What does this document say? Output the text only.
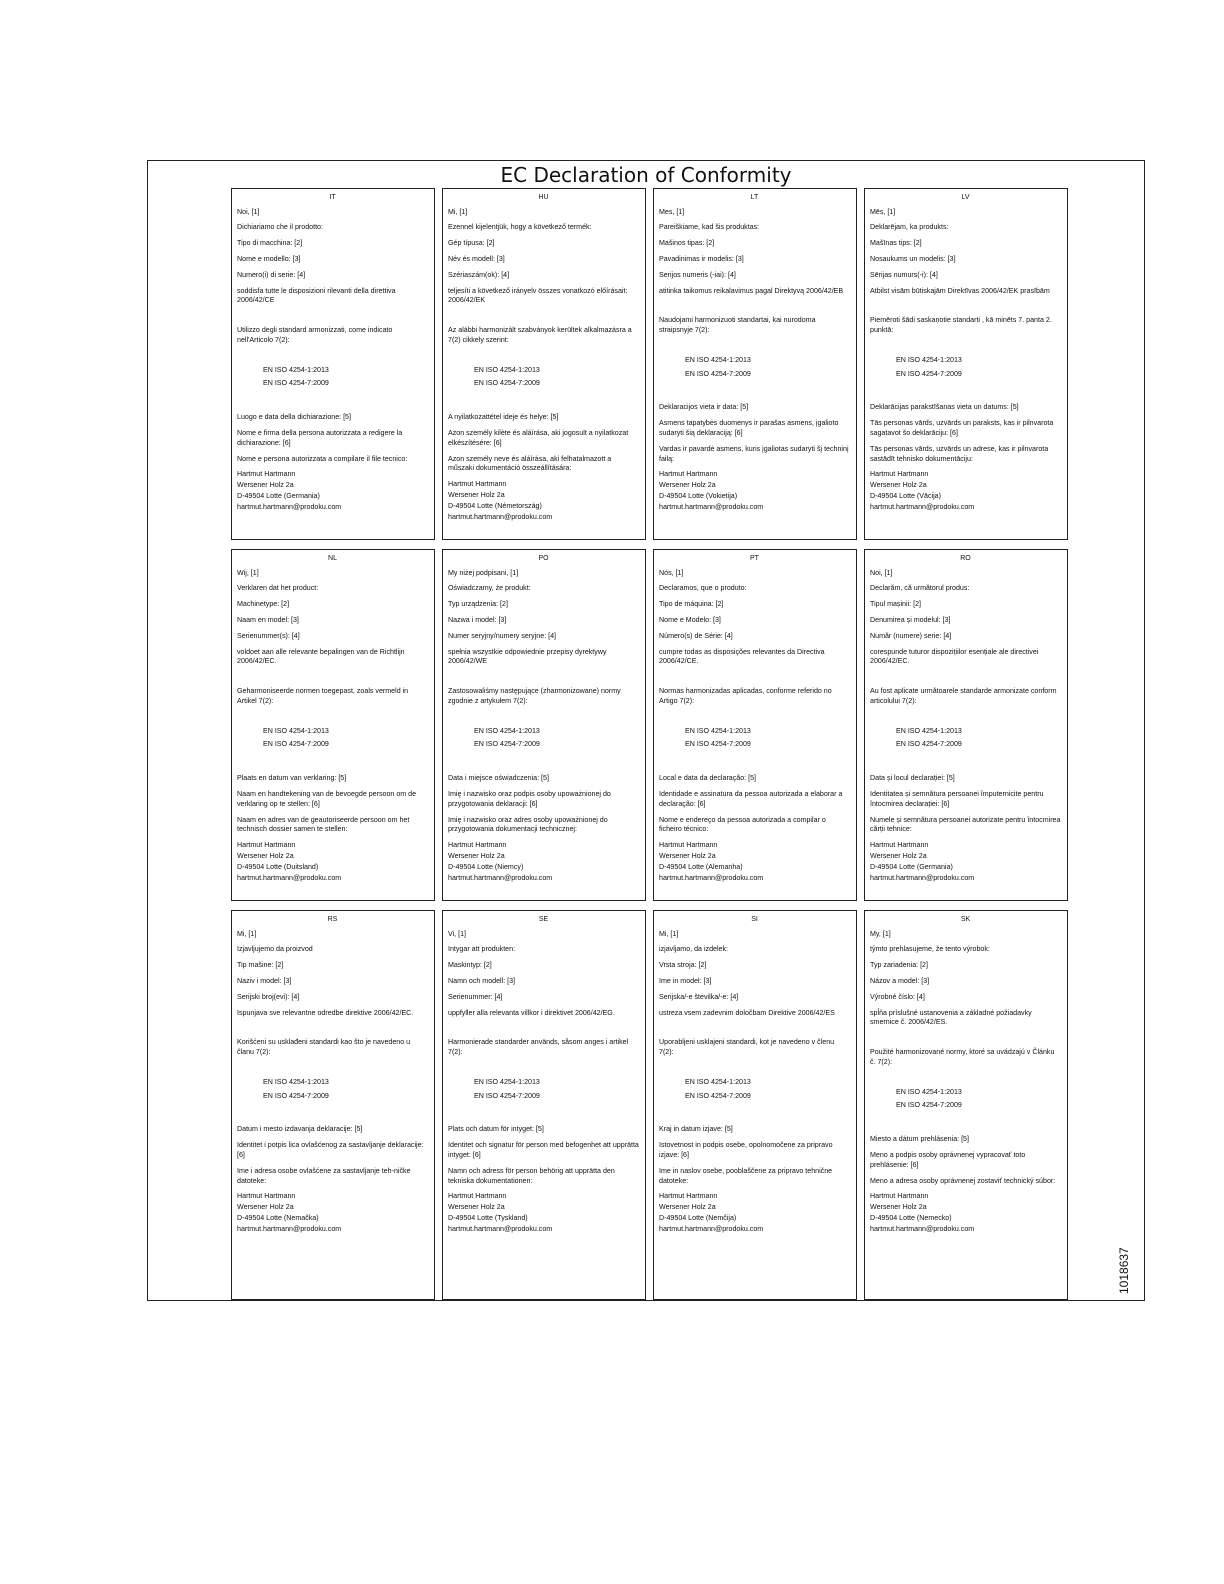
EC Declaration of Conformity
IT
Noi, [1]
Dichiariamo che il prodotto:
Tipo di macchina: [2]
Nome e modello: [3]
Numero(i) di serie: [4]
soddisfa tutte le disposizioni rilevanti della direttiva 2006/42/CE
Utilizzo degli standard armonizzati, come indicato nell'Articolo 7(2):
EN ISO 4254-1:2013
EN ISO 4254-7:2009
Luogo e data della dichiarazione: [5]
Nome e firma della persona autorizzata a redigere la dichiarazione: [6]
Nome e persona autorizzata a compilare il file tecnico:
Hartmut Hartmann
Wersener Holz 2a
D-49504 Lotte (Germania)
hartmut.hartmann@prodoku.com
HU
Mi, [1]
Ezennel kijelentjük, hogy a következő termék:
Gép típusa: [2]
Név és modell: [3]
Szériaszám(ok): [4]
teljesíti a következő irányelv összes vonatkozó előírásait: 2006/42/EK
Az alábbi harmonizált szabványok kerültek alkalmazásra a 7(2) cikkely szerint:
EN ISO 4254-1:2013
EN ISO 4254-7:2009
A nyilatkozattétel ideje és helye: [5]
Azon személy kilète és aláírása, aki jogosult a nyilatkozat elkészítésére: [6]
Azon személy neve és aláírása, aki felhatalmazott a műszaki dokumentáció összeállítására:
Hartmut Hartmann
Wersener Holz 2a
D-49504 Lotte (Németország)
hartmut.hartmann@prodoku.com
LT
Mes, [1]
Pareiškiame, kad šis produktas:
Mašinos tipas: [2]
Pavadinimas ir modelis: [3]
Serijos numeris (-iai): [4]
atitinka taikomus reikalavimus pagal Direktyvą 2006/42/EB
Naudojami harmonizuoti standartai, kai nurodoma straipsnyje 7(2):
EN ISO 4254-1:2013
EN ISO 4254-7:2009
Deklaracijos vieta ir data: [5]
Asmens tapatybės duomenys ir parašas asmens, įgalioto sudaryti šią deklaraciją: [6]
Vardas ir pavardė asmens, kuris įgaliotas sudaryti šį techninį failą:
Hartmut Hartmann
Wersener Holz 2a
D-49504 Lotte (Vokietija)
hartmut.hartmann@prodoku.com
LV
Mēs, [1]
Deklarējam, ka produkts:
Mašīnas tips: [2]
Nosaukums un modelis: [3]
Sērijas numurs(-i): [4]
Atbilst visām būtiskajām Direktīvas 2006/42/EK prasībām
Piemēroti šādi saskaņotie standarti , kā minēts 7. panta 2. punktā:
EN ISO 4254-1:2013
EN ISO 4254-7:2009
Deklarācijas parakstīšanas vieta un datums: [5]
Tās personas vārds, uzvārds un paraksts, kas ir pilnvarota sagatavot šo deklarāciju: [6]
Tās personas vārds, uzvārds un adrese, kas ir pilnvarota sastādīt tehnisko dokumentāciju:
Hartmut Hartmann
Wersener Holz 2a
D-49504 Lotte (Vācija)
hartmut.hartmann@prodoku.com
NL
Wij, [1]
Verklaren dat het product:
Machinetype: [2]
Naam en model: [3]
Serienummer(s): [4]
voldoet aan alle relevante bepalingen van de Richtlijn 2006/42/EC.
Geharmoniseerde normen toegepast, zoals vermeld in Artikel 7(2):
EN ISO 4254-1:2013
EN ISO 4254-7:2009
Plaats en datum van verklaring: [5]
Naam en handtekening van de bevoegde persoon om de verklaring op te stellen: [6]
Naam en adres van de geautoriseerde persoon om het technisch dossier samen te stellen:
Hartmut Hartmann
Wersener Holz 2a
D-49504 Lotte (Duitsland)
hartmut.hartmann@prodoku.com
PO
My niżej podpisani, [1]
Oświadczamy, że produkt:
Typ urządzenia: [2]
Nazwa i model: [3]
Numer seryjny/numery seryjne: [4]
spełnia wszystkie odpowiednie przepisy dyrektywy 2006/42/WE
Zastosowaliśmy następujące (zharmonizowane) normy zgodnie z artykułem 7(2):
EN ISO 4254-1:2013
EN ISO 4254-7:2009
Data i miejsce oświadczenia: [5]
Imię i nazwisko oraz podpis osoby upoważnionej do przygotowania deklaracji: [6]
Imię i nazwisko oraz adres osoby upoważnionej do przygotowania dokumentacji technicznej:
Hartmut Hartmann
Wersener Holz 2a
D-49504 Lotte (Niemcy)
hartmut.hartmann@prodoku.com
PT
Nós, [1]
Declaramos, que o produto:
Tipo de máquina: [2]
Nome e Modelo: [3]
Número(s) de Série: [4]
cumpre todas as disposições relevantes da Directiva 2006/42/CE.
Normas harmonizadas aplicadas, conforme referido no Artigo 7(2):
EN ISO 4254-1:2013
EN ISO 4254-7:2009
Local e data da declaração: [5]
Identidade e assinatura da pessoa autorizada a elaborar a declaração: [6]
Nome e endereço da pessoa autorizada a compilar o ficheiro técnico:
Hartmut Hartmann
Wersener Holz 2a
D-49504 Lotte (Alemanha)
hartmut.hartmann@prodoku.com
RO
Noi, [1]
Declarăm, că următorul produs:
Tipul mașinii: [2]
Denumirea și modelul: [3]
Număr (numere) serie: [4]
corespunde tuturor dispozițiilor esențiale ale directivei 2006/42/EC.
Au fost aplicate următoarele standarde armonizate conform articolului 7(2):
EN ISO 4254-1:2013
EN ISO 4254-7:2009
Data și locul declarației: [5]
Identitatea și semnătura persoanei împuternicite pentru întocmirea declarației: [6]
Numele și semnătura persoanei autorizate pentru întocmirea cărții tehnice:
Hartmut Hartmann
Wersener Holz 2a
D-49504 Lotte (Germania)
hartmut.hartmann@prodoku.com
RS
Mi, [1]
Izjavljujemo da proizvod
Tip mašine: [2]
Naziv i model: [3]
Serijski broj(evi): [4]
Ispunjava sve relevantne odredbe direktive 2006/42/EC.
Korišćeni su usklađeni standardi kao što je navedeno u članu 7(2):
EN ISO 4254-1:2013
EN ISO 4254-7:2009
Datum i mesto izdavanja deklaracije: [5]
Identitet i potpis lica ovlašćenog za sastavljanje deklaracije: [6]
Ime i adresa osobe ovlašćene za sastavljanje teh-ničke datoteke:
Hartmut Hartmann
Wersener Holz 2a
D-49504 Lotte (Nemačka)
hartmut.hartmann@prodoku.com
SE
Vi, [1]
Intygar att produkten:
Maskintyp: [2]
Namn och modell: [3]
Serienummer: [4]
uppfyller alla relevanta villkor i direktivet 2006/42/EG.
Harmonierade standarder används, såsom anges i artikel 7(2):
EN ISO 4254-1:2013
EN ISO 4254-7:2009
Plats och datum för intyget: [5]
Identitet och signatur för person med befogenhet att upprätta intyget: [6]
Namn och adress för person behörig att upprätta den tekniska dokumentationen:
Hartmut Hartmann
Wersener Holz 2a
D-49504 Lotte (Tyskland)
hartmut.hartmann@prodoku.com
SI
Mi, [1]
izjavljamo, da izdelek:
Vrsta stroja: [2]
Ime in model: [3]
Serijska/-e številka/-e: [4]
ustreza vsem zadevnim določbam Direktive 2006/42/ES
Uporabljeni usklajeni standardi, kot je navedeno v členu 7(2):
EN ISO 4254-1:2013
EN ISO 4254-7:2009
Kraj in datum izjave: [5]
Istovetnost in podpis osebe, opolnomočene za pripravo izjave: [6]
Ime in naslov osebe, pooblaščene za pripravo tehnične datoteke:
Hartmut Hartmann
Wersener Holz 2a
D-49504 Lotte (Nemčija)
hartmut.hartmann@prodoku.com
SK
My, [1]
týmto prehlasujeme, že tento výrobok:
Typ zariadenia: [2]
Názov a model: [3]
Výrobné číslo: [4]
spĺňa príslušné ustanovenia a základné požiadavky smernice č. 2006/42/ES.
Použité harmonizované normy, ktoré sa uvádzajú v Článku č. 7(2):
EN ISO 4254-1:2013
EN ISO 4254-7:2009
Miesto a dátum prehlásenia: [5]
Meno a podpis osoby oprávnenej vypracovať toto prehlásenie: [6]
Meno a adresa osoby oprávnenej zostaviť technický súbor:
Hartmut Hartmann
Wersener Holz 2a
D-49504 Lotte (Nemecko)
hartmut.hartmann@prodoku.com
1018637
